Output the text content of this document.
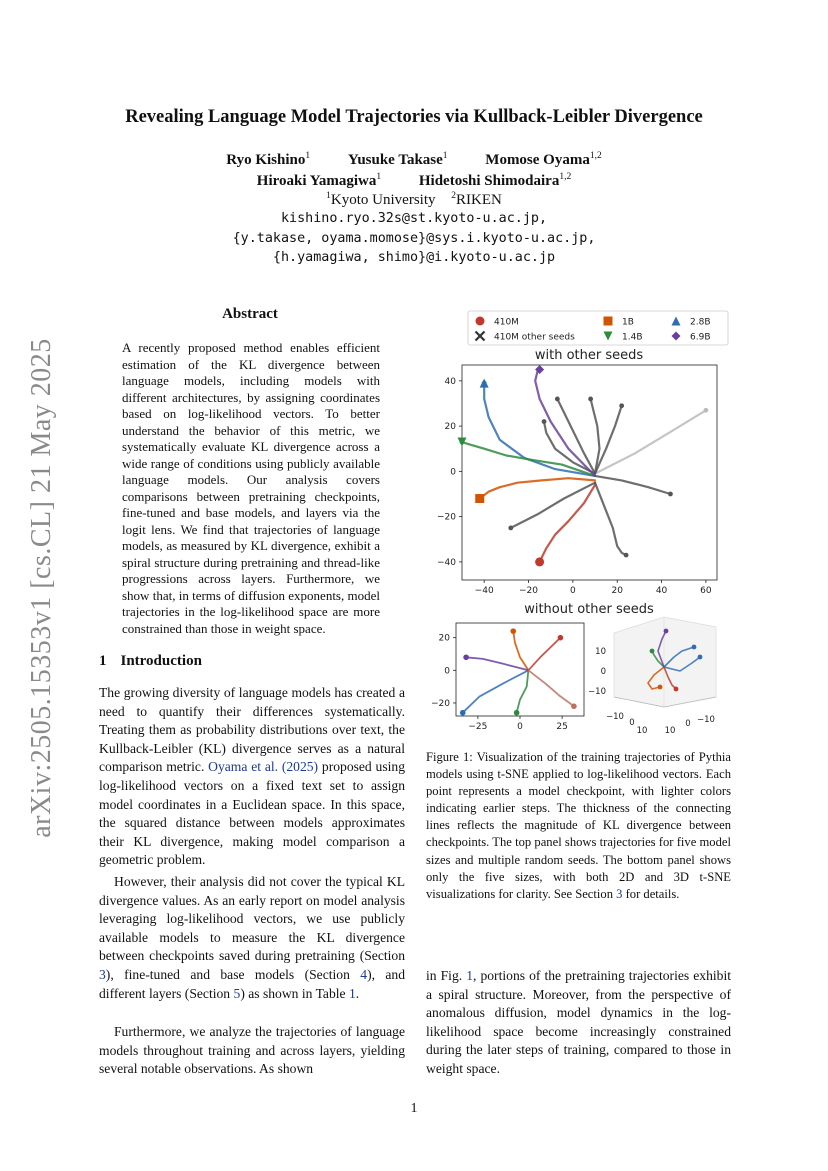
arXiv:2505.15353v1 [cs.CL] 21 May 2025
Revealing Language Model Trajectories via Kullback-Leibler Divergence
Ryo Kishino$^1$	Yusuke Takase$^1$	Momose Oyama$^{1,2}$
Hiroaki Yamagiwa$^1$	Hidetoshi Shimodaira$^{1,2}$
$^1$Kyoto University $^2$RIKEN
kishino.ryo.32s@st.kyoto-u.ac.jp,
{y.takase, oyama.momose}@sys.i.kyoto-u.ac.jp,
{h.yamagiwa, shimo}@i.kyoto-u.ac.jp
Abstract
A recently proposed method enables efficient estimation of the KL divergence between language models, including models with different architectures, by assigning coordinates based on log-likelihood vectors. To better understand the behavior of this metric, we systematically evaluate KL divergence across a wide range of conditions using publicly available language models. Our analysis covers comparisons between pretraining checkpoints, fine-tuned and base models, and layers via the logit lens. We find that trajectories of language models, as measured by KL divergence, exhibit a spiral structure during pretraining and thread-like progressions across layers. Furthermore, we show that, in terms of diffusion exponents, model trajectories in the log-likelihood space are more constrained than those in weight space.
1 Introduction
The growing diversity of language models has created a need to quantify their differences systematically. Treating them as probability distributions over text, the Kullback-Leibler (KL) divergence serves as a natural comparison metric. Oyama et al. (2025) proposed using log-likelihood vectors on a fixed text set to assign model coordinates in a Euclidean space. In this space, the squared distance between models approximates their KL divergence, making model comparison a geometric problem.
However, their analysis did not cover the typical KL divergence values. As an early report on model analysis leveraging log-likelihood vectors, we use publicly available models to measure the KL divergence between checkpoints saved during pretraining (Section 3), fine-tuned and base models (Section 4), and different layers (Section 5) as shown in Table 1.
Furthermore, we analyze the trajectories of language models throughout training and across layers, yielding several notable observations. As shown
in Fig. 1, portions of the pretraining trajectories exhibit a spiral structure. Moreover, from the perspective of anomalous diffusion, model dynamics in the log-likelihood space become increasingly constrained during the later steps of training, compared to those in weight space.
410M	1B	2.8B
410M other seeds	1.4B	6.9B
with other seeds
−40	−20	0	20	40	60
40
20
0
−20
−40
without other seeds
−25	0	25
20
0
−20
10
0
−10
−10
0
10 10
0 −10
Figure 1: Visualization of the training trajectories of Pythia models using t-SNE applied to log-likelihood vectors. Each point represents a model checkpoint, with lighter colors indicating earlier steps. The thickness of the connecting lines reflects the magnitude of KL divergence between checkpoints. The top panel shows trajectories for five model sizes and multiple random seeds. The bottom panel shows only the five sizes, with both 2D and 3D t-SNE visualizations for clarity. See Section 3 for details.
1
